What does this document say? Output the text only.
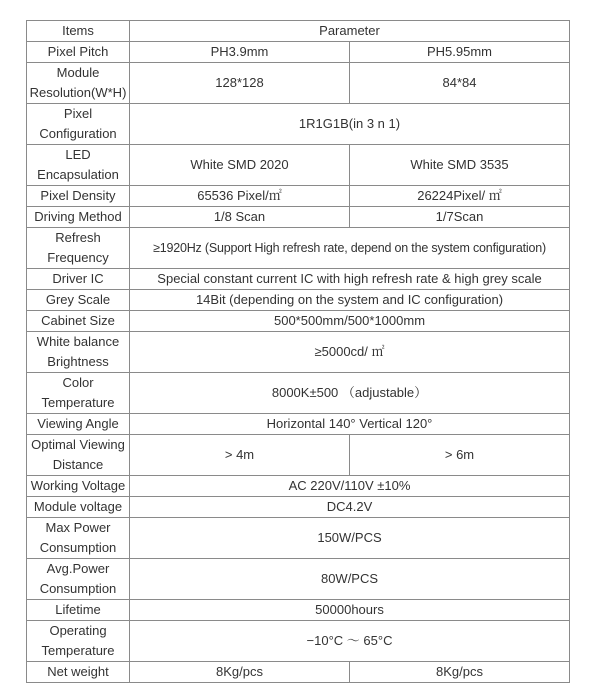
Items	Parameter	
Pixel Pitch	PH3.9mm	PH5.95mm
Module Resolution(W*H)	128*128	84*84
Pixel Configuration	1R1G1B(in 3 n 1)	
LED Encapsulation	White SMD 2020	White SMD 3535
Pixel Density	65536 Pixel/㎡	26224Pixel/ ㎡
Driving Method	1/8 Scan	1/7Scan
Refresh Frequency	≥1920Hz (Support High refresh rate, depend on the system configuration)	
Driver IC	Special constant current IC with high refresh rate & high grey scale	
Grey Scale	14Bit (depending on the system and IC configuration)	
Cabinet Size	500*500mm/500*1000mm	
White balance Brightness	≥5000cd/ ㎡	
Color Temperature	8000K±500 （adjustable）	
Viewing Angle	Horizontal 140° Vertical 120°	
Optimal Viewing Distance	> 4m	> 6m
Working Voltage	AC 220V/110V ±10%	
Module voltage	DC4.2V	
Max Power Consumption	150W/PCS	
Avg.Power Consumption	80W/PCS	
Lifetime	50000hours	
Operating Temperature	−10°C ～ 65°C	
Net weight	8Kg/pcs	8Kg/pcs
